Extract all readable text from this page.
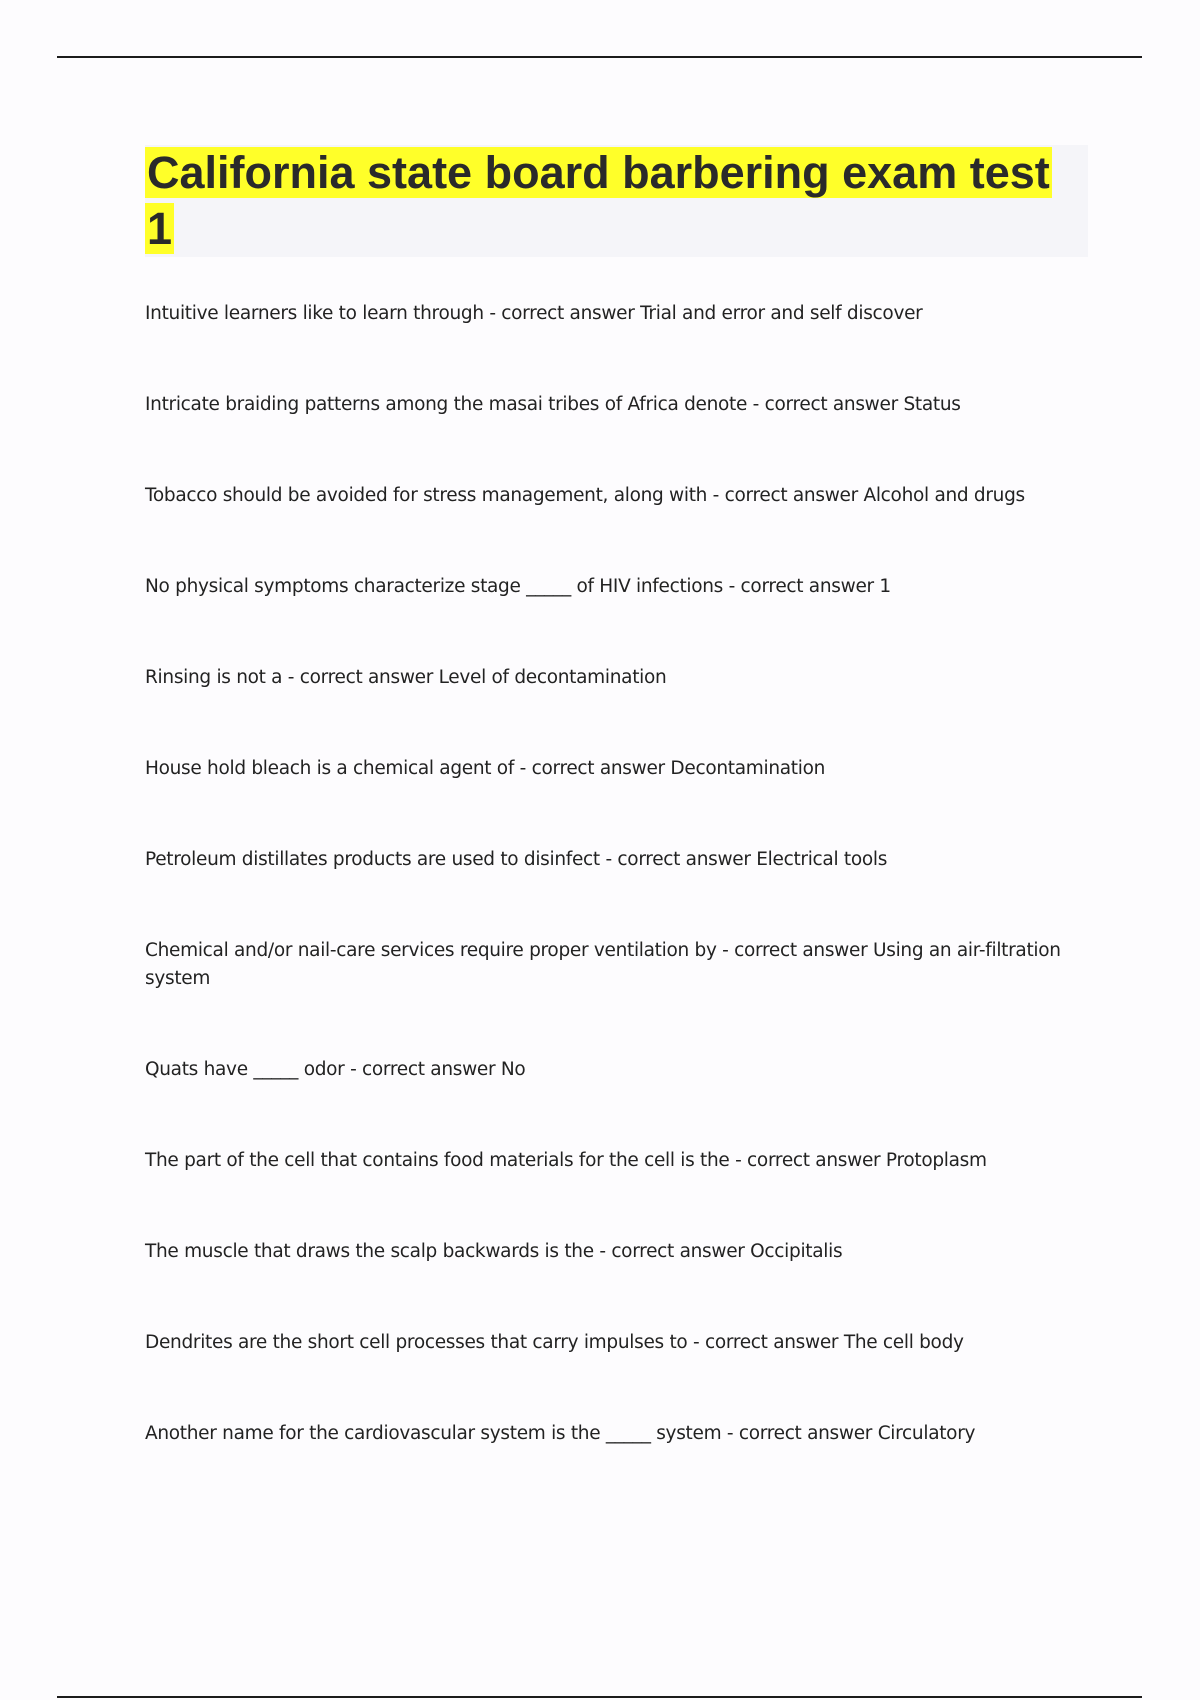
California state board barbering exam test 1
Intuitive learners like to learn through - correct answer Trial and error and self discover
Intricate braiding patterns among the masai tribes of Africa denote - correct answer Status
Tobacco should be avoided for stress management, along with - correct answer Alcohol and drugs
No physical symptoms characterize stage _____ of HIV infections - correct answer 1
Rinsing is not a - correct answer Level of decontamination
House hold bleach is a chemical agent of - correct answer Decontamination
Petroleum distillates products are used to disinfect - correct answer Electrical tools
Chemical and/or nail-care services require proper ventilation by - correct answer Using an air-filtration system
Quats have _____ odor - correct answer No
The part of the cell that contains food materials for the cell is the - correct answer Protoplasm
The muscle that draws the scalp backwards is the - correct answer Occipitalis
Dendrites are the short cell processes that carry impulses to - correct answer The cell body
Another name for the cardiovascular system is the _____ system - correct answer Circulatory
